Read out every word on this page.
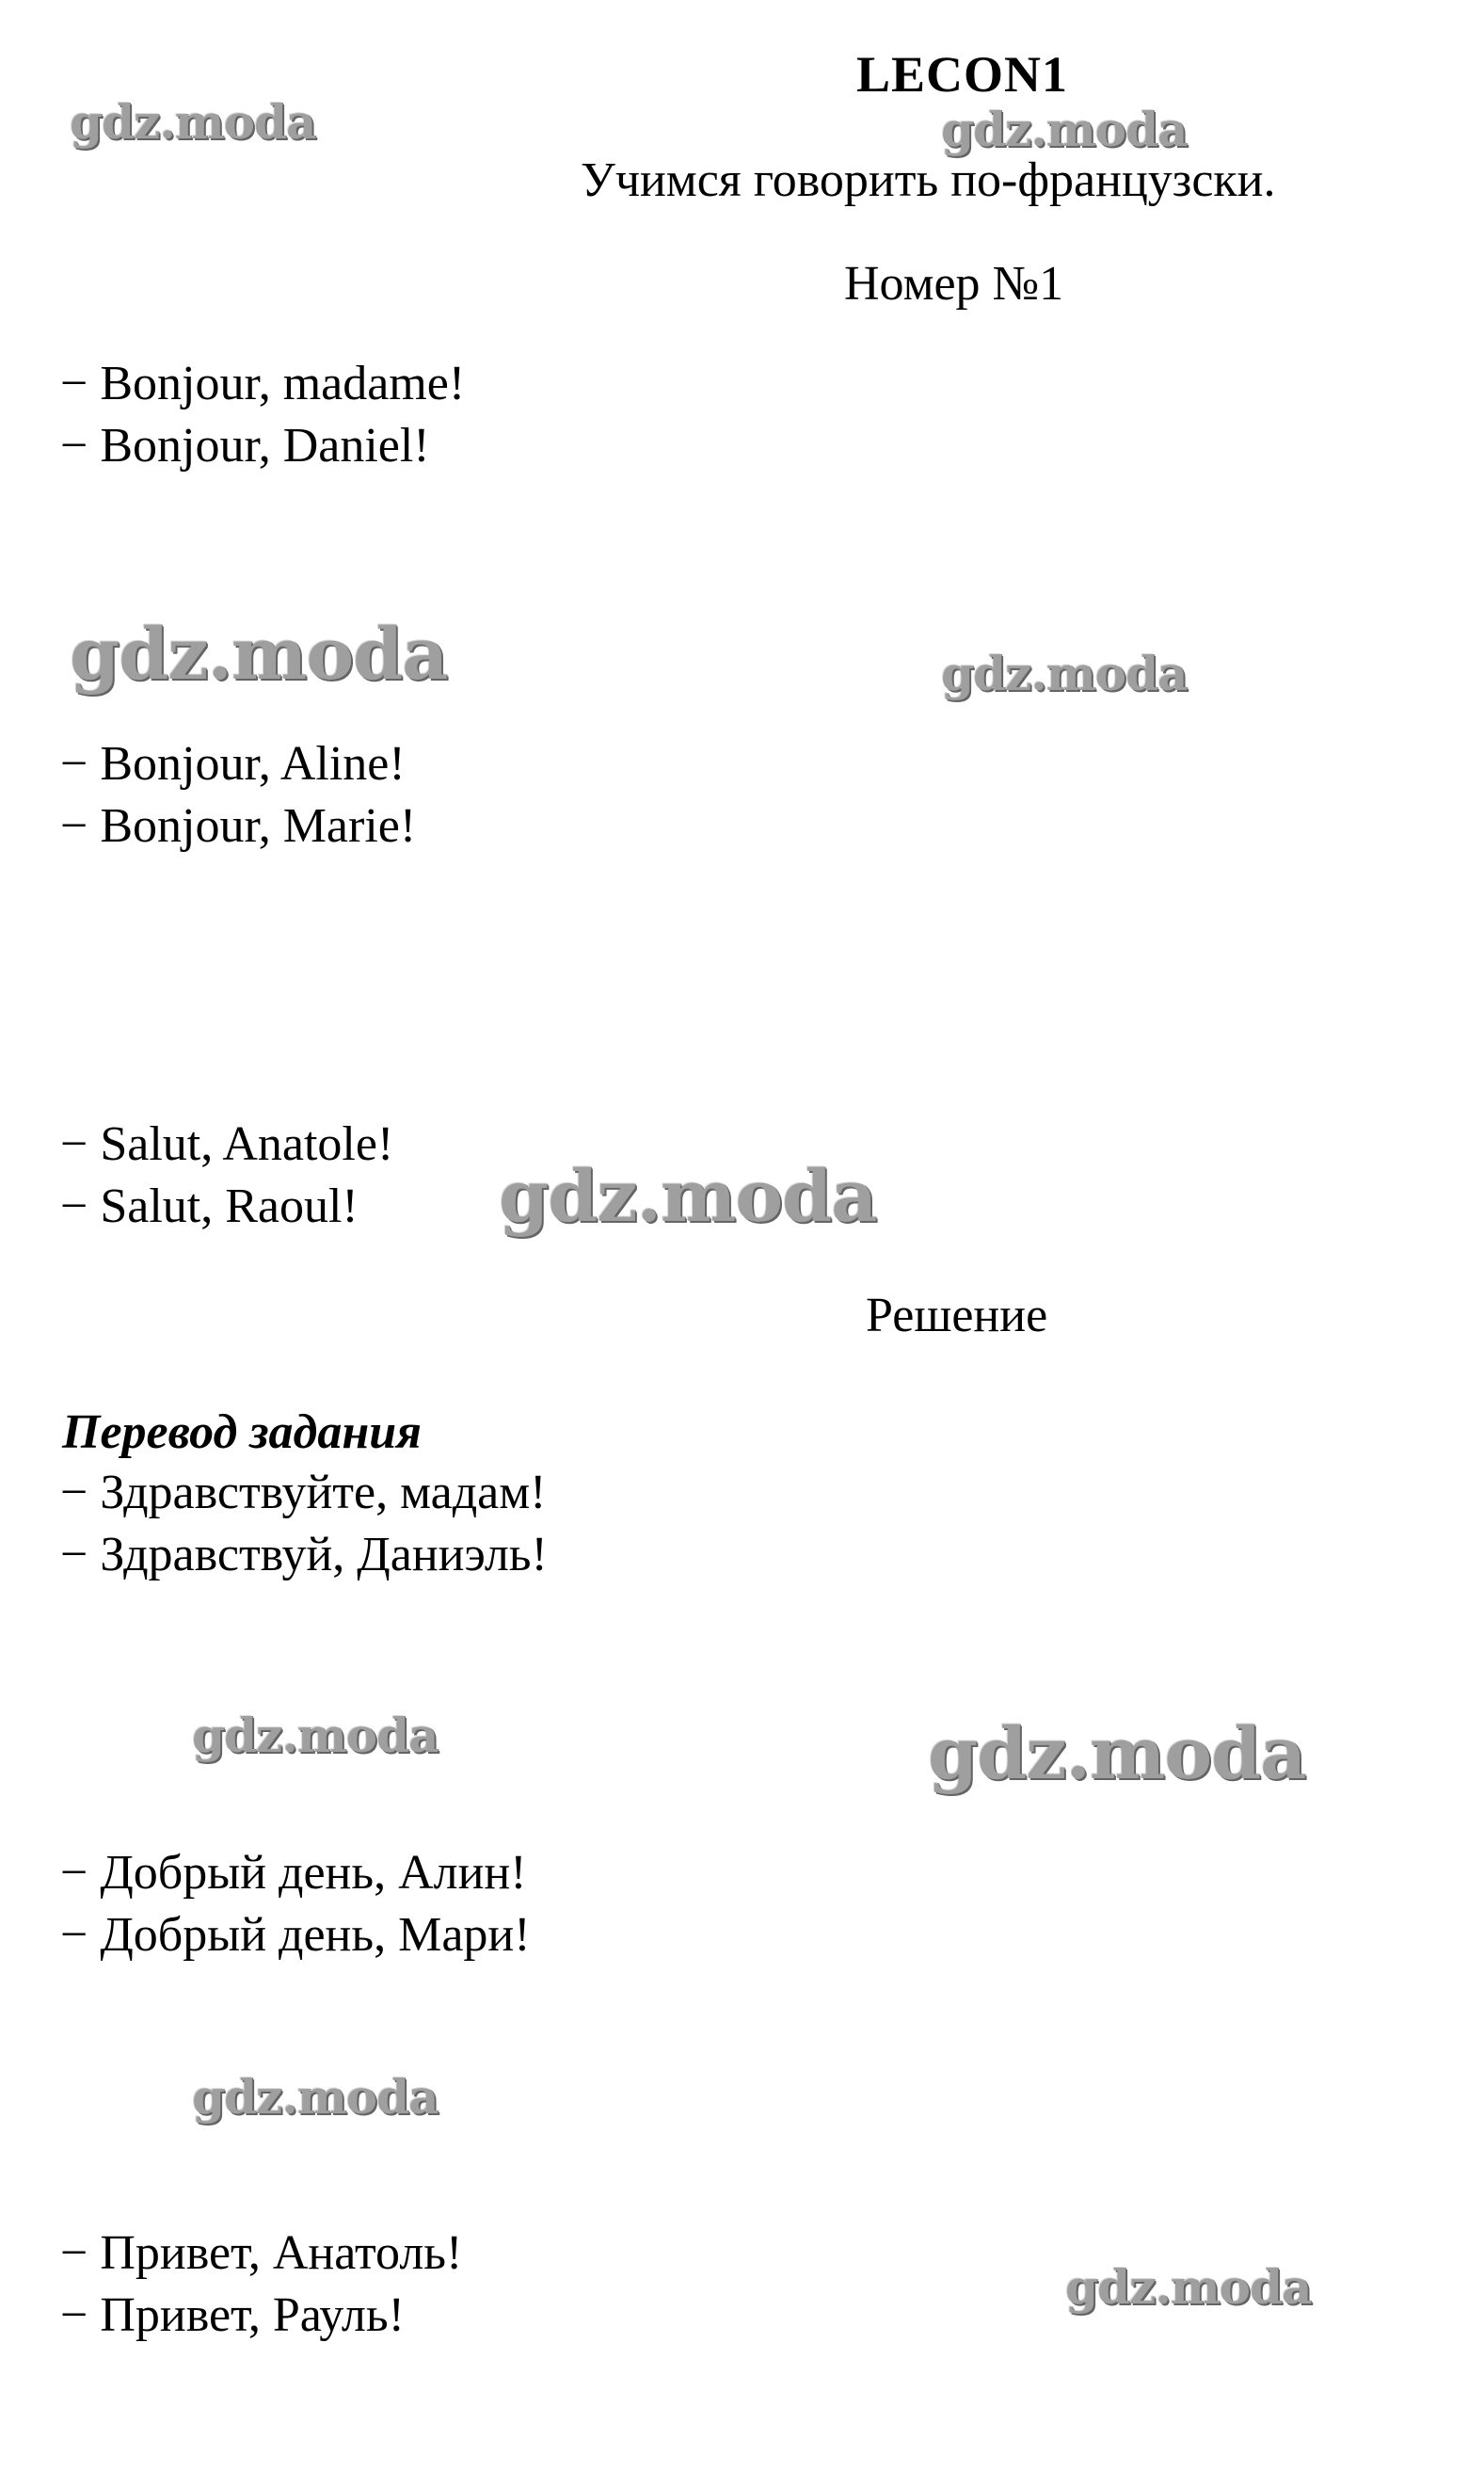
LECON1
Учимся говорить по-французски.
Номер №1
− Bonjour, madame!
− Bonjour, Daniel!
− Bonjour, Aline!
− Bonjour, Marie!
− Salut, Anatole!
− Salut, Raoul!
Решение
Перевод задания
− Здравствуйте, мадам!
− Здравствуй, Даниэль!
− Добрый день, Алин!
− Добрый день, Мари!
− Привет, Анатоль!
− Привет, Рауль!
gdz.moda	gdz.moda
gdz.moda	gdz.moda
gdz.moda
gdz.moda	gdz.moda
gdz.moda
gdz.moda
